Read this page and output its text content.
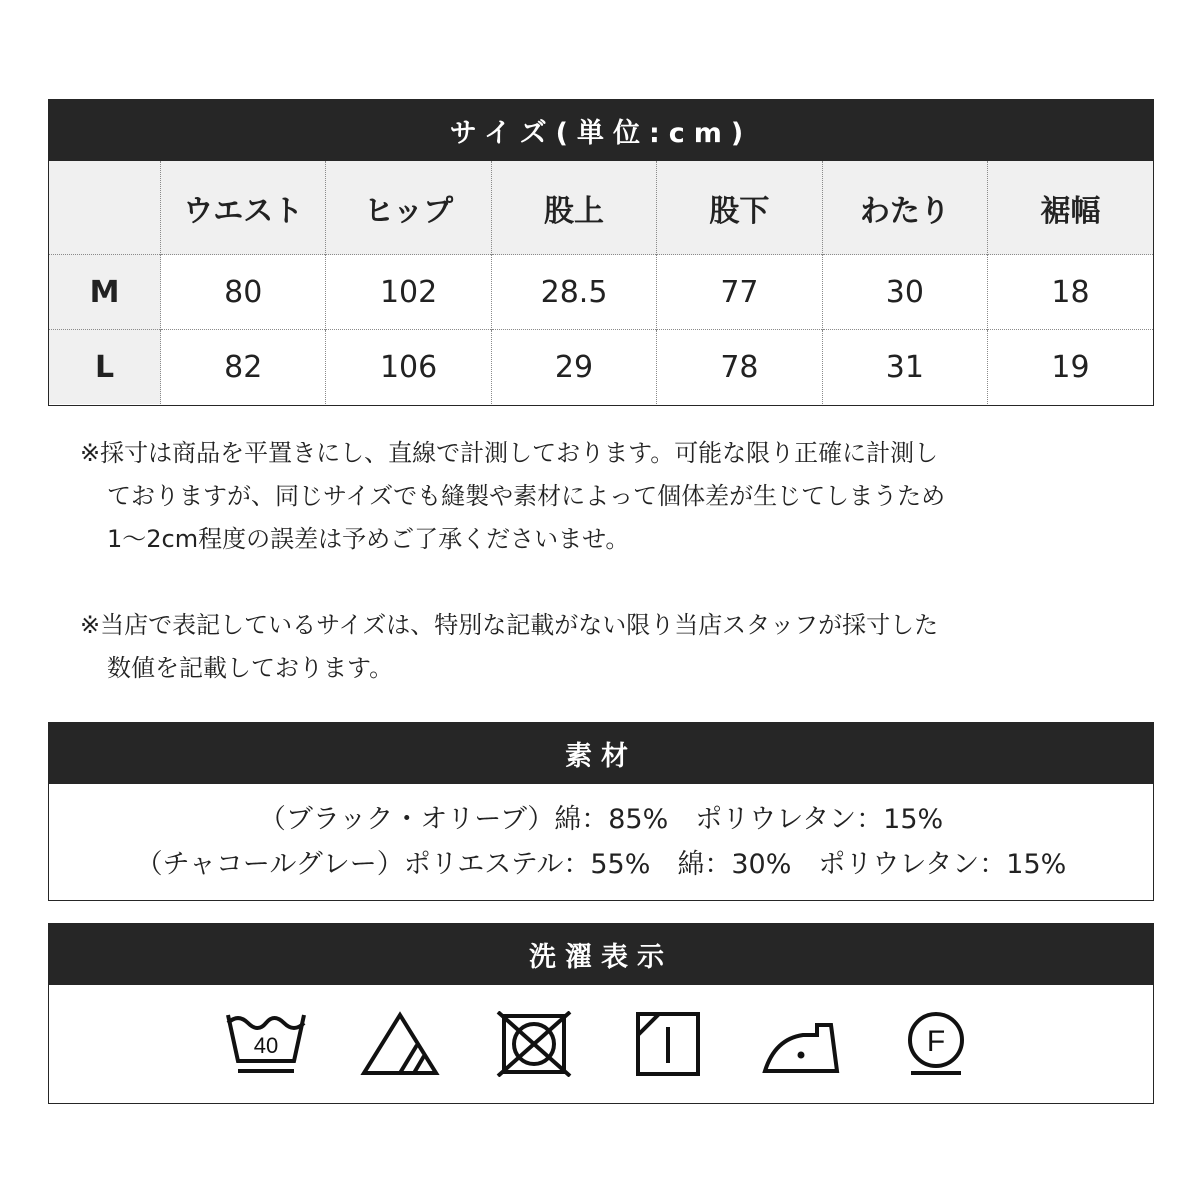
サイズ(単位:cm)
	ウエスト	ヒップ	股上	股下	わたり	裾幅
M	80	102	28.5	77	30	18
L	82	106	29	78	31	19

※採寸は商品を平置きにし、直線で計測しております。可能な限り正確に計測し

ておりますが、同じサイズでも縫製や素材によって個体差が生じてしまうため

1～2cm程度の誤差は予めご了承くださいませ。

※当店で表記しているサイズは、特別な記載がない限り当店スタッフが採寸した

数値を記載しております。

素材

（ブラック・オリーブ）綿：85%　ポリウレタン：15%

（チャコールグレー）ポリエステル：55%　綿：30%　ポリウレタン：15%

洗濯表示
40	F
